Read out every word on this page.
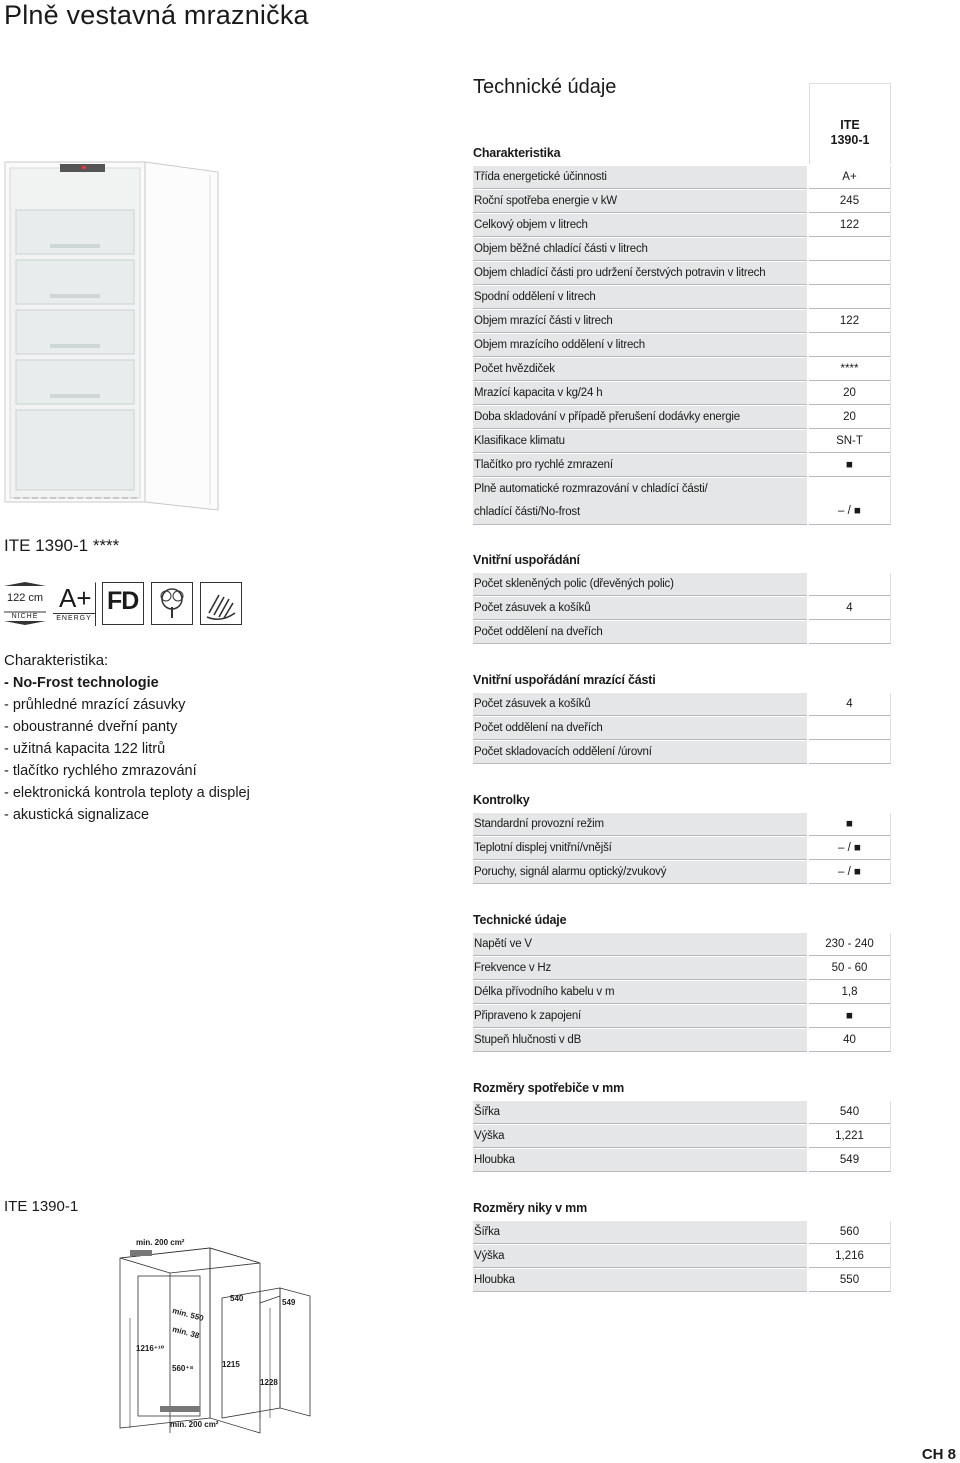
Plně vestavná mraznička
Technické údaje
ITE 1390-1 ****
122 cm
NICHE
A+
ENERGY
FD
Charakteristika:
- No-Frost technologie
- průhledné mrazící zásuvky
- oboustranné dveřní panty
- užitná kapacita 122 litrů
- tlačítko rychlého zmrazování
- elektronická kontrola teploty a displej
- akustická signalizace
ITE
1390-1
Charakteristika
Třída energetické účinnosti	A+
Roční spotřeba energie v kW	245
Celkový objem v litrech	122
Objem běžné chladící části v litrech
Objem chladící části pro udržení čerstvých potravin v litrech
Spodní oddělení v litrech
Objem mrazící části v litrech	122
Objem mrazícího oddělení v litrech
Počet hvězdiček	****
Mrazící kapacita v kg/24 h	20
Doba skladování v případě přerušení dodávky energie	20
Klasifikace klimatu	SN-T
Tlačítko pro rychlé zmrazení	■
Plně automatické rozmrazování v chladící části/
chladící části/No-frost	– / ■
Vnitřní uspořádání
Počet skleněných polic (dřevěných polic)
Počet zásuvek a košíků	4
Počet oddělení na dveřích
Vnitřní uspořádání mrazící části
Počet zásuvek a košíků	4
Počet oddělení na dveřích
Počet skladovacích oddělení /úrovní
Kontrolky
Standardní provozní režim	■
Teplotní displej vnitřní/vnější	– / ■
Poruchy, signál alarmu optický/zvukový	– / ■
Technické údaje
Napětí ve V	230 - 240
Frekvence v Hz	50 - 60
Délka přívodního kabelu v m	1,8
Připraveno k zapojení	■
Stupeň hlučnosti v dB	40
Rozměry spotřebiče v mm
Šířka	540
Výška	1,221
Hloubka	549
Rozměry niky v mm
Šířka	560
Výška	1,216
Hloubka	550
ITE 1390-1
min. 200 cm²
min. 200 cm²
min. 550
min. 38
540	549
1216⁺¹⁰
560⁺⁸	1215
1228
CH 8
